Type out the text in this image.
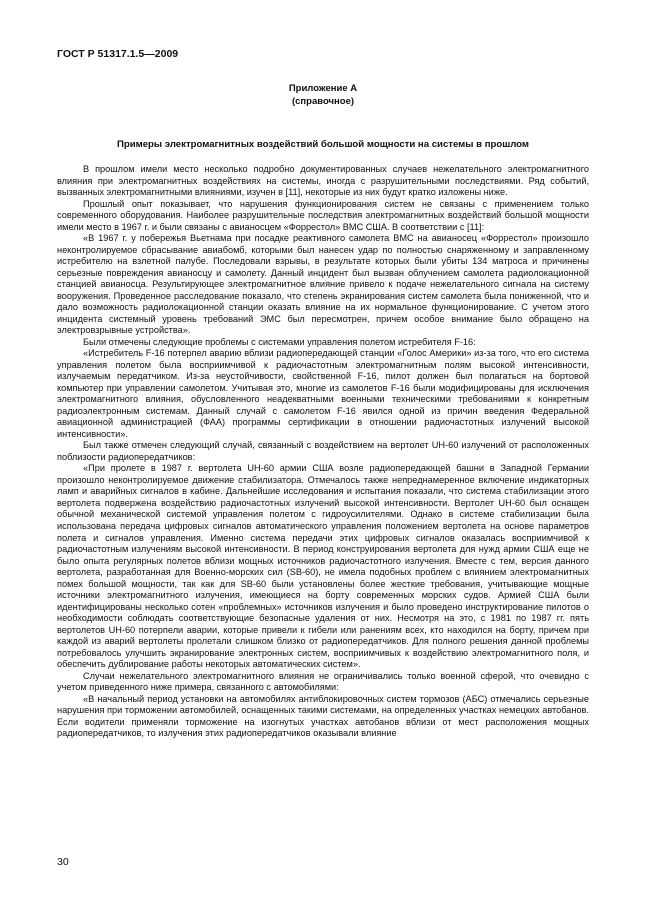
ГОСТ Р 51317.1.5—2009
Приложение А
(справочное)
Примеры электромагнитных воздействий большой мощности на системы в прошлом

В прошлом имели место несколько подробно документированных случаев нежелательного электромагнитного влияния при электромагнитных воздействиях на системы, иногда с разрушительными последствиями. Ряд событий, вызванных электромагнитными влияниями, изучен в [11], некоторые из них будут кратко изложены ниже.

Прошлый опыт показывает, что нарушения функционирования систем не связаны с применением только современного оборудования. Наиболее разрушительные последствия электромагнитных воздействий большой мощности имели место в 1967 г. и были связаны с авианосцем «Форрестол» ВМС США. В соответствии с [11]:

«В 1967 г. у побережья Вьетнама при посадке реактивного самолета ВМС на авианосец «Форрестол» произошло неконтролируемое сбрасывание авиабомб, которыми был нанесен удар по полностью снаряженному и заправленному истребителю на взлетной палубе. Последовали взрывы, в результате которых были убиты 134 матроса и причинены серьезные повреждения авианосцу и самолету. Данный инцидент был вызван облучением самолета радиолокационной станцией авианосца. Результирующее электромагнитное влияние привело к подаче нежелательного сигнала на систему вооружения. Проведенное расследование показало, что степень экранирования систем самолета была пониженной, что и дало возможность радиолокационной станции оказать влияние на их нормальное функционирование. С учетом этого инцидента системный уровень требований ЭМС был пересмотрен, причем особое внимание было обращено на электровзрывные устройства».

Были отмечены следующие проблемы с системами управления полетом истребителя F-16:

«Истребитель F-16 потерпел аварию вблизи радиопередающей станции «Голос Америки» из-за того, что его система управления полетом была восприимчивой к радиочастотным электромагнитным полям высокой интенсивности, излучаемым передатчиком. Из-за неустойчивости, свойственной F-16, пилот должен был полагаться на бортовой компьютер при управлении самолетом. Учитывая это, многие из самолетов F-16 были модифицированы для исключения электромагнитного влияния, обусловленного неадекватными военными техническими требованиями к конкретным радиоэлектронным системам. Данный случай с самолетом F-16 явился одной из причин введения Федеральной авиационной администрацией (ФАА) программы сертификации в отношении радиочастотных излучений высокой интенсивности».

Был также отмечен следующий случай, связанный с воздействием на вертолет UH-60 излучений от расположенных поблизости радиопередатчиков:

«При пролете в 1987 г. вертолета UH-60 армии США возле радиопередающей башни в Западной Германии произошло неконтролируемое движение стабилизатора. Отмечалось также непреднамеренное включение индикаторных ламп и аварийных сигналов в кабине. Дальнейшие исследования и испытания показали, что система стабилизации этого вертолета подвержена воздействию радиочастотных излучений высокой интенсивности. Вертолет UH-60 был оснащен обычной механической системой управления полетом с гидроусилителями. Однако в системе стабилизации была использована передача цифровых сигналов автоматического управления положением вертолета на основе параметров полета и сигналов управления. Именно система передачи этих цифровых сигналов оказалась восприимчивой к радиочастотным излучениям высокой интенсивности. В период конструирования вертолета для нужд армии США еще не было опыта регулярных полетов вблизи мощных источников радиочастотного излучения. Вместе с тем, версия данного вертолета, разработанная для Военно-морских сил (SB-60), не имела подобных проблем с влиянием электромагнитных помех большой мощности, так как для SB-60 были установлены более жесткие требования, учитывающие мощные источники электромагнитного излучения, имеющиеся на борту современных морских судов. Армией США были идентифицированы несколько сотен «проблемных» источников излучения и было проведено инструктирование пилотов о необходимости соблюдать соответствующие безопасные удаления от них. Несмотря на это, с 1981 по 1987 гг. пять вертолетов UH-60 потерпели аварии, которые привели к гибели или ранениям всех, кто находился на борту, причем при каждой из аварий вертолеты пролетали слишком близко от радиопередатчиков. Для полного решения данной проблемы потребовалось улучшить экранирование электронных систем, восприимчивых к воздействию электромагнитного поля, и обеспечить дублирование работы некоторых автоматических систем».

Случаи нежелательного электромагнитного влияния не ограничивались только военной сферой, что очевидно с учетом приведенного ниже примера, связанного с автомобилями:

«В начальный период установки на автомобилях антиблокировочных систем тормозов (АБС) отмечались серьезные нарушения при торможении автомобилей, оснащенных такими системами, на определенных участках немецких автобанов. Если водители применяли торможение на изогнутых участках автобанов вблизи от мест расположения мощных радиопередатчиков, то излучения этих радиопередатчиков оказывали влияние

30
